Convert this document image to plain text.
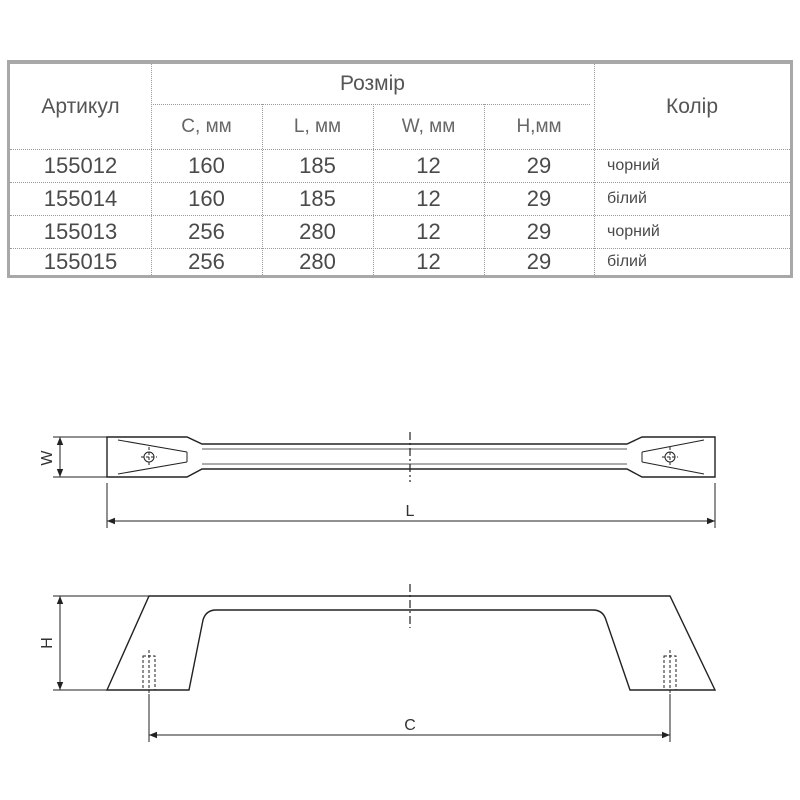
Артикул
Розмір
Колір
C, мм	L, мм	W, мм	H,мм
155012	160	185	12	29	чорний
155014	160	185	12	29	білий
155013	256	280	12	29	чорний
155015	256	280	12	29	білий
W
L
H
C
